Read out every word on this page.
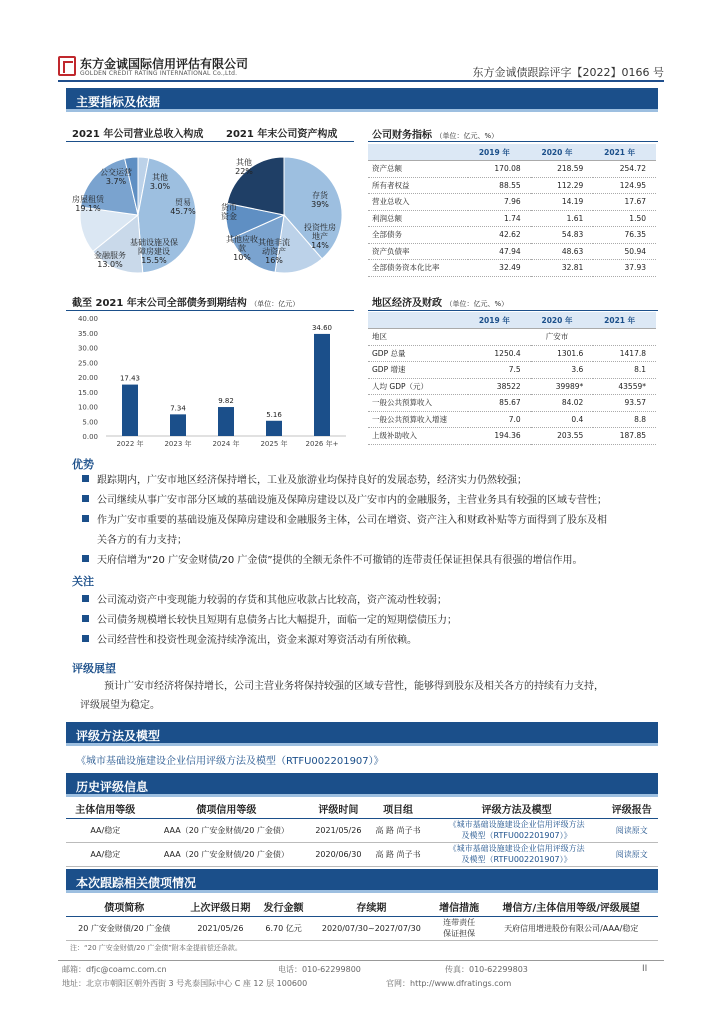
东方金诚国际信用评估有限公司
GOLDEN CREDIT RATING INTERNATIONAL Co.,Ltd.	东方金诚债跟踪评字【2022】0166 号
主要指标及依据
2021 年公司营业总收入构成 2021 年末公司资产构成
其他 3.0%
贸易 45.7%
基础设施及保障房建设 15.5%
金融服务 13.0%
房屋租赁 19.1%
公交运营 3.7%
存货 39%
投资性房地产 14%
其他非流动资产 16%
其他应收款 10%
货币资金
其他 22%
公司财务指标 （单位：亿元、%）
	2019 年	2020 年	2021 年
资产总额	170.08	218.59	254.72
所有者权益	88.55	112.29	124.95
营业总收入	7.96	14.19	17.67
利润总额	1.74	1.61	1.50
全部债务	42.62	54.83	76.35
资产负债率	47.94	48.63	50.94
全部债务资本化比率	32.49	32.81	37.93
截至 2021 年末公司全部债务到期结构 （单位：亿元）
40.00
35.00
30.00
25.00
20.00
15.00
10.00
5.00
0.00
17.43
2022 年
7.34
2023 年
9.82
2024 年
5.16
2025 年
34.60
2026 年+
地区经济及财政 （单位：亿元、%）
	2019 年	2020 年	2021 年
地区	广安市		
GDP 总量	1250.4	1301.6	1417.8
GDP 增速	7.5	3.6	8.1
人均 GDP（元）	38522	39989*	43559*
一般公共预算收入	85.67	84.02	93.57
一般公共预算收入增速	7.0	0.4	8.8
上级补助收入	194.36	203.55	187.85
优势
跟踪期内，广安市地区经济保持增长，工业及旅游业均保持良好的发展态势，经济实力仍然较强；
公司继续从事广安市部分区域的基础设施及保障房建设以及广安市内的金融服务，主营业务具有较强的区域专营性；
作为广安市重要的基础设施及保障房建设和金融服务主体，公司在增资、资产注入和财政补贴等方面得到了股东及相
关各方的有力支持；
天府信增为“20 广安金财债/20 广金债”提供的全额无条件不可撤销的连带责任保证担保具有很强的增信作用。
关注
公司流动资产中变现能力较弱的存货和其他应收款占比较高，资产流动性较弱；
公司债务规模增长较快且短期有息债务占比大幅提升，面临一定的短期偿债压力；
公司经营性和投资性现金流持续净流出，资金来源对筹资活动有所依赖。
评级展望
预计广安市经济将保持增长，公司主营业务将保持较强的区域专营性，能够得到股东及相关各方的持续有力支持，
评级展望为稳定。
评级方法及模型
《城市基础设施建设企业信用评级方法及模型（RTFU002201907）》
历史评级信息
主体信用等级	债项信用等级	评级时间	项目组	评级方法及模型	评级报告
AA/稳定	AAA（20 广安金财债/20 广金债）	2021/05/26	高 路 尚子书	《城市基础设施建设企业信用评级方法
及模型（RTFU002201907）》	阅读原文
AA/稳定	AAA（20 广安金财债/20 广金债）	2020/06/30	高 路 尚子书	《城市基础设施建设企业信用评级方法
及模型（RTFU002201907）》	阅读原文
本次跟踪相关债项情况
债项简称	上次评级日期	发行金额	存续期	增信措施	增信方/主体信用等级/评级展望
20 广安金财债/20 广金债	2021/05/26	6.70 亿元	2020/07/30~2027/07/30	连带责任
保证担保	天府信用增进股份有限公司/AAA/稳定
注：“20 广安金财债/20 广金债”附本金提前偿还条款。
邮箱：dfjc@coamc.com.cn	电话：010-62299800	传真：010-62299803	II
地址：北京市朝阳区朝外西街 3 号兆泰国际中心 C 座 12 层 100600	官网：http://www.dfratings.com
